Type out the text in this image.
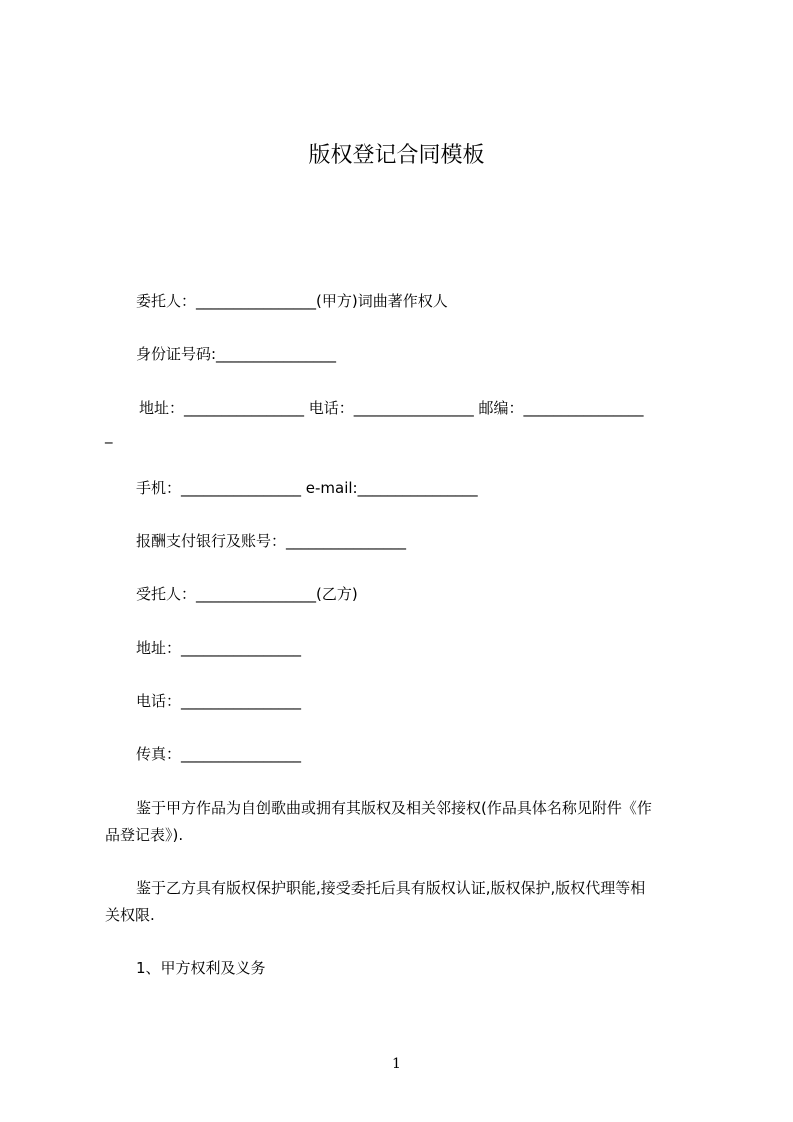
版权登记合同模板
委托人：________________(甲方)词曲著作权人
身份证号码:________________
地址：________________ 电话：________________ 邮编：________________
_
手机：________________ e-mail:________________
报酬支付银行及账号：________________
受托人：________________(乙方)
地址：________________
电话：________________
传真：________________
鉴于甲方作品为自创歌曲或拥有其版权及相关邻接权(作品具体名称见附件《作
品登记表》).
鉴于乙方具有版权保护职能,接受委托后具有版权认证,版权保护,版权代理等相
关权限.
1、甲方权利及义务
1
